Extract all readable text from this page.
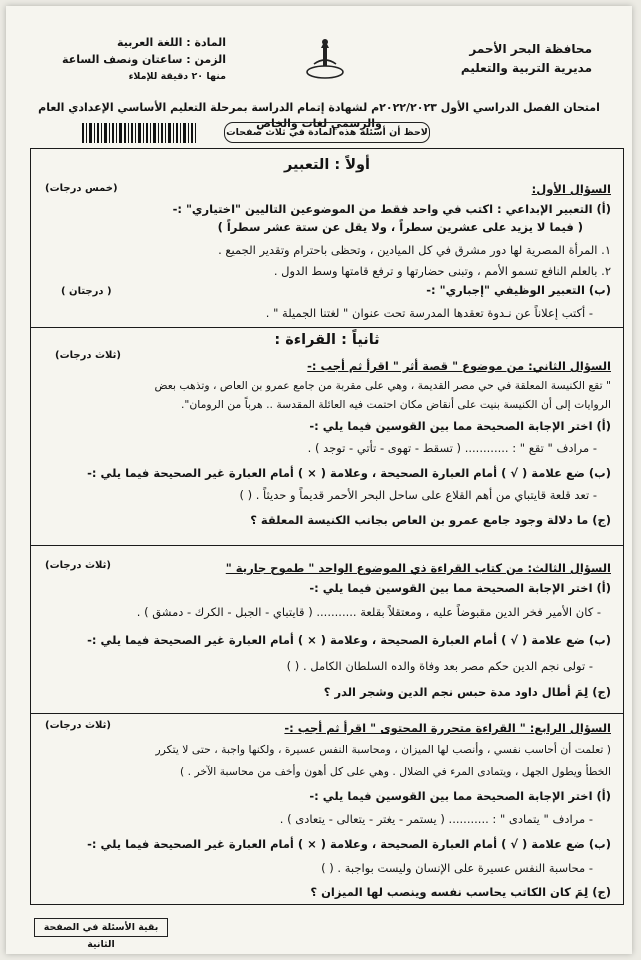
محافظة البحر الأحمر
مديرية التربية والتعليم
المادة : اللغة العربية
الزمن : ساعتان ونصف الساعة
منها ٢٠ دقيقة للإملاء
امتحان الفصل الدراسي الأول ٢٠٢٢/٢٠٢٣م لشهادة إتمام الدراسة بمرحلة التعليم الأساسي الإعدادي العام والرسمي لغات والخاص
لاحظ أن أسئلة هذه المادة في ثلاث صفحات
أولاً : التعبير
السؤال الأول:
(خمس درجات)
(أ) التعبير الإبداعي : اكتب في واحد فقط من الموضوعين التاليين "اختياري" :-
( فيما لا يزيد على عشرين سطراً ، ولا يقل عن ستة عشر سطراً )
١. المرأة المصرية لها دور مشرق في كل الميادين ، وتحظى باحترام وتقدير الجميع .
٢. بالعلم النافع تسمو الأمم ، وتبنى حضارتها و ترفع قامتها وسط الدول .
(ب) التعبير الوظيفي "إجباري" :-
( درجتان )
- أكتب إعلاناً عن نـدوة تعقدها المدرسة تحت عنوان " لغتنا الجميلة " .
ثانياً : القراءة :
السؤال الثاني: من موضوع " قصة أثر " اقرأ ثم أجب :-
(ثلاث درجات)
" تقع الكنيسة المعلقة في حي مصر القديمة ، وهي على مقربة من جامع عمرو بن العاص ، وتذهب بعض
الروايات إلى أن الكنيسة بنيت على أنقاض مكان احتمت فيه العائلة المقدسة .. هرباً من الرومان".
(أ) اختر الإجابة الصحيحة مما بين القوسين فيما يلي :-
- مرادف " تقع " : ............ ( تسقط - تهوى - تأتي - توجد ) .
(ب) ضع علامة ( √ ) أمام العبارة الصحيحة ، وعلامة ( × ) أمام العبارة غير الصحيحة فيما يلي :-
- تعد قلعة قايتباي من أهم القلاع على ساحل البحر الأحمر قديماً و حديثاً . ( )
(ج) ما دلالة وجود جامع عمرو بن العاص بجانب الكنيسة المعلقة ؟
السؤال الثالث: من كتاب القراءة ذي الموضوع الواحد " طموح جارية "
(ثلاث درجات)
(أ) اختر الإجابة الصحيحة مما بين القوسين فيما يلي :-
- كان الأمير فخر الدين مقبوضاً عليه ، ومعتقلاً بقلعة ........... ( قايتباي - الجبل - الكرك - دمشق ) .
(ب) ضع علامة ( √ ) أمام العبارة الصحيحة ، وعلامة ( × ) أمام العبارة غير الصحيحة فيما يلي :-
- تولى نجم الدين حكم مصر بعد وفاة والده السلطان الكامل . ( )
(ج) لِمَ أطال داود مدة حبس نجم الدين وشجر الدر ؟
السؤال الرابع: " القراءة متحررة المحتوى " اقرأ ثم أجب :-
(ثلاث درجات)
( تعلمت أن أحاسب نفسي ، وأنصب لها الميزان ، ومحاسبة النفس عسيرة ، ولكنها واجبة ، حتى لا يتكرر
الخطأ ويطول الجهل ، ويتمادى المرء في الضلال . وهي على كل أهون وأخف من محاسبة الآخر . )
(أ) اختر الإجابة الصحيحة مما بين القوسين فيما يلي :-
- مرادف " يتمادى " : ........... ( يستمر - يغتر - يتعالى - يتعادى ) .
(ب) ضع علامة ( √ ) أمام العبارة الصحيحة ، وعلامة ( × ) أمام العبارة غير الصحيحة فيما يلي :-
- محاسبة النفس عسيرة على الإنسان وليست بواجبة . ( )
(ج) لِمَ كان الكاتب يحاسب نفسه وينصب لها الميزان ؟
بقية الأسئلة في الصفحة الثانية
